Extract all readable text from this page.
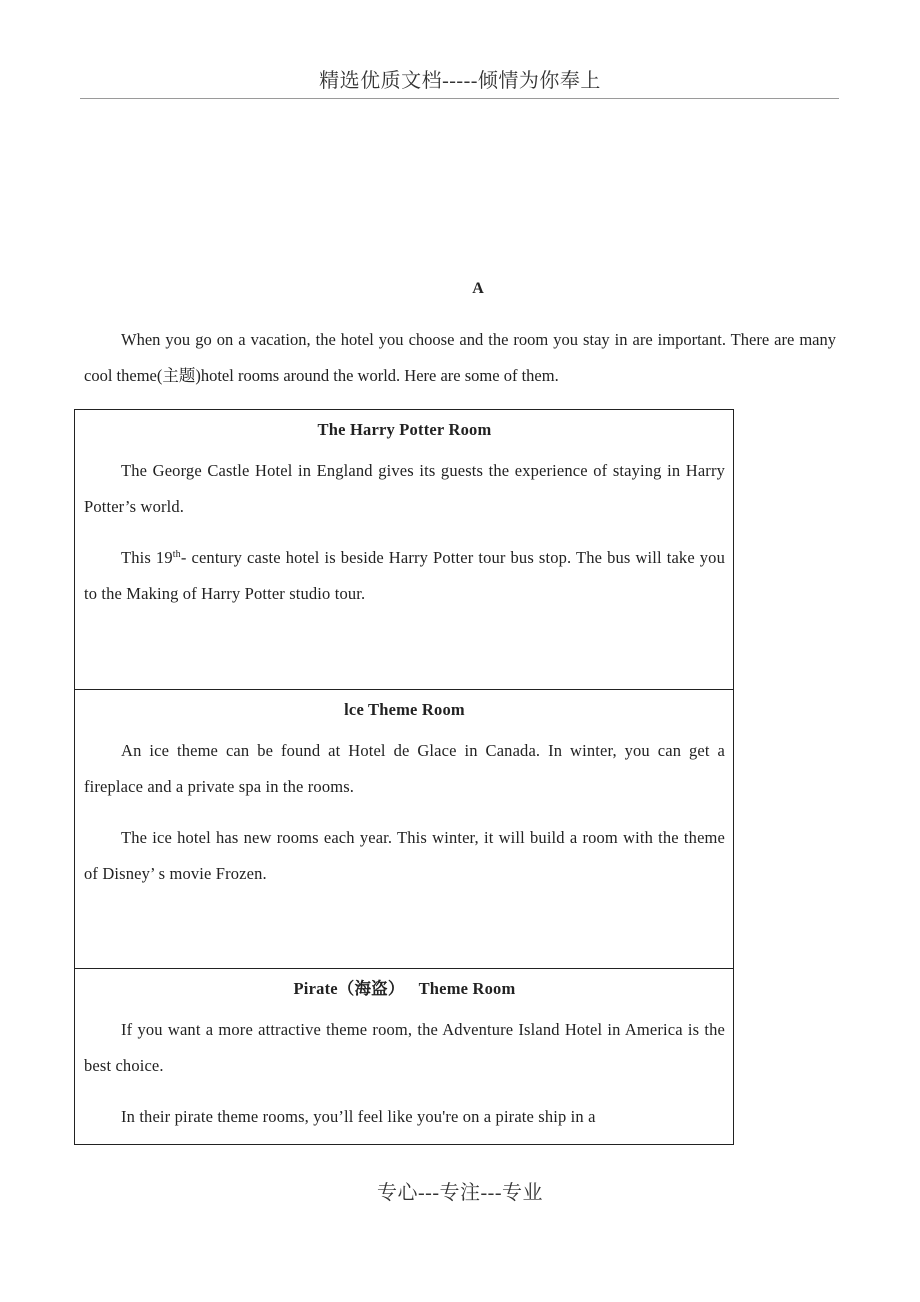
精选优质文档-----倾情为你奉上
A

When you go on a vacation, the hotel you choose and the room you stay in are important. There are many cool theme(主题)hotel rooms around the world. Here are some of them.

The Harry Potter Room

The George Castle Hotel in England gives its guests the experience of staying in Harry Potter’s world.

This 19th- century caste hotel is beside Harry Potter tour bus stop. The bus will take you to the Making of Harry Potter studio tour.

lce Theme Room

An ice theme can be found at Hotel de Glace in Canada. In winter, you can get a fireplace and a private spa in the rooms.

The ice hotel has new rooms each year. This winter, it will build a room with the theme of Disney’ s movie Frozen.

Pirate（海盗） Theme Room

If you want a more attractive theme room, the Adventure Island Hotel in America is the best choice.

In their pirate theme rooms, you’ll feel like you're on a pirate ship in a

专心---专注---专业
